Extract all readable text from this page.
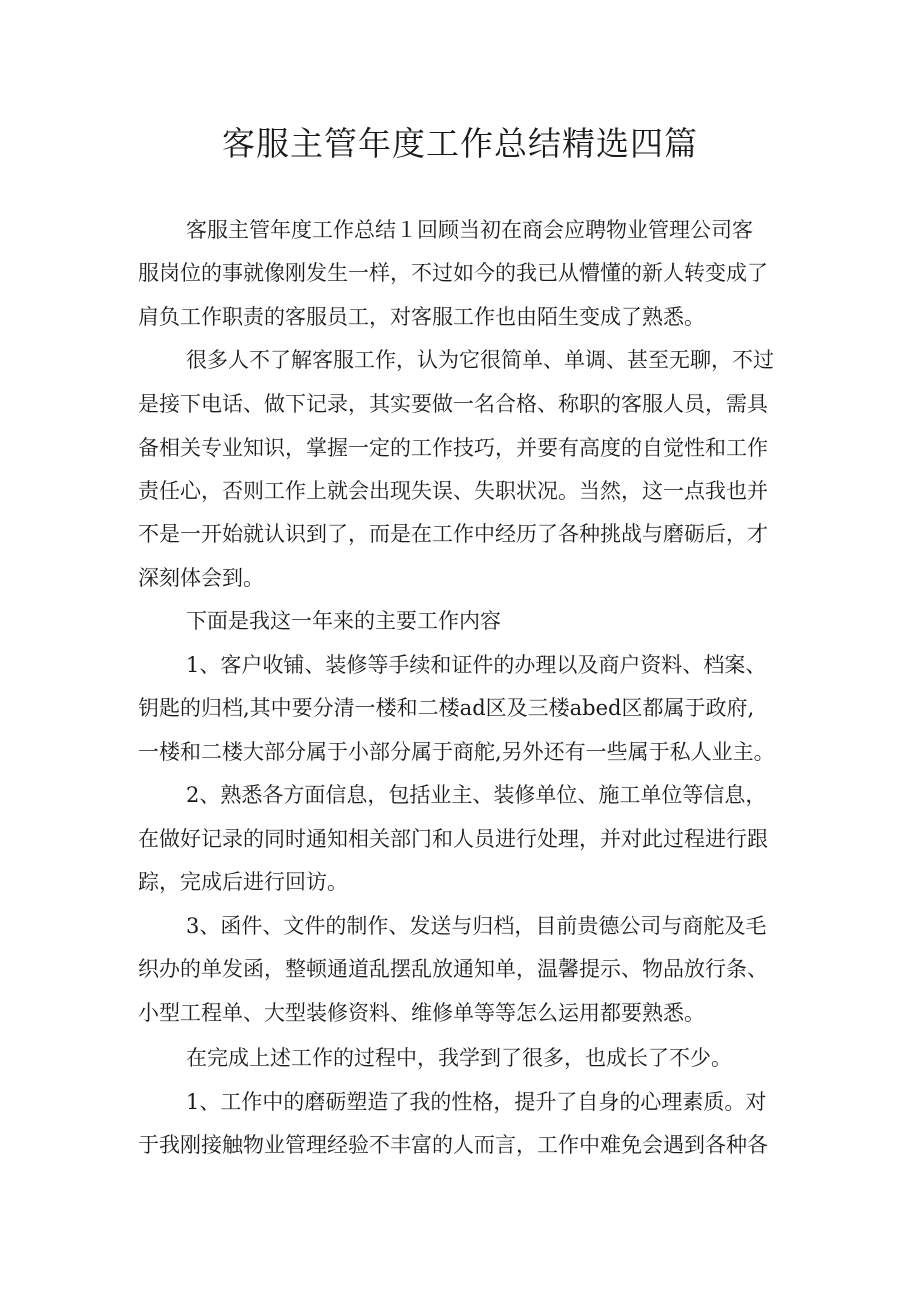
客服主管年度工作总结精选四篇
客服主管年度工作总结１回顾当初在商会应聘物业管理公司客
服岗位的事就像刚发生一样，不过如今的我已从懵懂的新人转变成了
肩负工作职责的客服员工，对客服工作也由陌生变成了熟悉。
很多人不了解客服工作，认为它很简单、单调、甚至无聊，不过
是接下电话、做下记录，其实要做一名合格、称职的客服人员，需具
备相关专业知识，掌握一定的工作技巧，并要有高度的自觉性和工作
责任心，否则工作上就会出现失误、失职状况。当然，这一点我也并
不是一开始就认识到了，而是在工作中经历了各种挑战与磨砺后，才
深刻体会到。
下面是我这一年来的主要工作内容
1、客户收铺、装修等手续和证件的办理以及商户资料、档案、
钥匙的归档,其中要分清一楼和二楼ad区及三楼abed区都属于政府,
一楼和二楼大部分属于小部分属于商舵,另外还有一些属于私人业主。
2、熟悉各方面信息，包括业主、装修单位、施工单位等信息，
在做好记录的同时通知相关部门和人员进行处理，并对此过程进行跟
踪，完成后进行回访。
3、函件、文件的制作、发送与归档，目前贵德公司与商舵及毛
织办的单发函，整顿通道乱摆乱放通知单，温馨提示、物品放行条、
小型工程单、大型装修资料、维修单等等怎么运用都要熟悉。
在完成上述工作的过程中，我学到了很多，也成长了不少。
1、工作中的磨砺塑造了我的性格，提升了自身的心理素质。对
于我刚接触物业管理经验不丰富的人而言，工作中难免会遇到各种各
